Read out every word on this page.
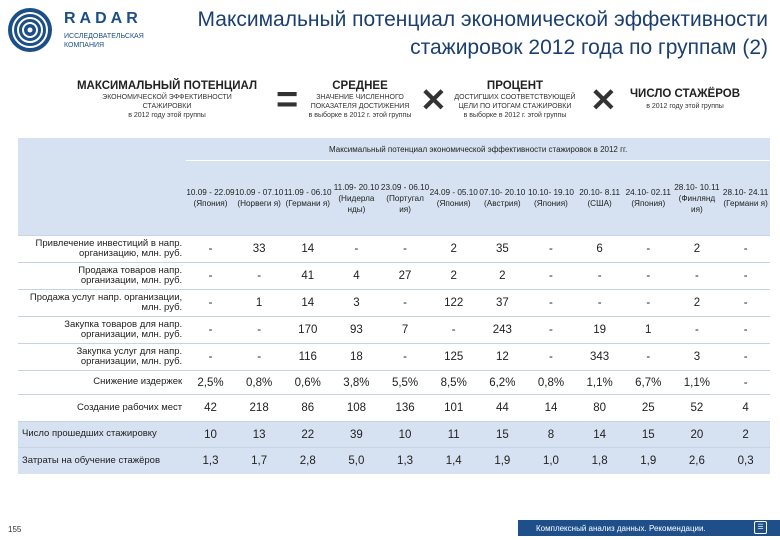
RADAR
ИССЛЕДОВАТЕЛЬСКАЯ КОМПАНИЯ
Максимальный потенциал экономической эффективности стажировок 2012 года по группам (2)
МАКСИМАЛЬНЫЙ ПОТЕНЦИАЛ
ЭКОНОМИЧЕСКОЙ ЭФФЕКТИВНОСТИ СТАЖИРОВКИ
в 2012 году этой группы	=	СРЕДНЕЕ
ЗНАЧЕНИЕ ЧИСЛЕННОГО ПОКАЗАТЕЛЯ ДОСТИЖЕНИЯ
в выборке в 2012 г. этой группы ✕	ПРОЦЕНТ
ДОСТИГШИХ СООТВЕТСТВУЮЩЕЙ ЦЕЛИ ПО ИТОГАМ СТАЖИРОВКИ
в выборке в 2012 г. этой группы ✕	ЧИСЛО СТАЖЁРОВ
в 2012 году этой группы
	Максимальный потенциал экономической эффективности стажировок в 2012 гг.											
	10.09 - 22.09 (Япония)	10.09 - 07.10 (Норвеги я)	11.09 - 06.10 (Германи я)	11.09- 20.10 (Нидерла нды)	23.09 - 06.10 (Португал ия)	24.09 - 05.10 (Япония)	07.10- 20.10 (Австрия)	10.10- 19.10 (Япония)	20.10- 8.11 (США)	24.10- 02.11 (Япония)	28.10- 10.11 (Финлянд ия)	28.10- 24.11 (Германи я)
Привлечение инвестиций в напр. организацию, млн. руб.	-	33	14	-	-	2	35	-	6	-	2	-
Продажа товаров напр. организации, млн. руб.	-	-	41	4	27	2	2	-	-	-	-	-
Продажа услуг напр. организации, млн. руб.	-	1	14	3	-	122	37	-	-	-	2	-
Закупка товаров для напр. организации, млн. руб.	-	-	170	93	7	-	243	-	19	1	-	-
Закупка услуг для напр. организации, млн. руб.	-	-	116	18	-	125	12	-	343	-	3	-
Снижение издержек	2,5%	0,8%	0,6%	3,8%	5,5%	8,5%	6,2%	0,8%	1,1%	6,7%	1,1%	-
Создание рабочих мест	42	218	86	108	136	101	44	14	80	25	52	4
Число прошедших стажировку	10	13	22	39	10	11	15	8	14	15	20	2
Затраты на обучение стажёров	1,3	1,7	2,8	5,0	1,3	1,4	1,9	1,0	1,8	1,9	2,6	0,3
155	Комплексный анализ данных. Рекомендации.	☰
